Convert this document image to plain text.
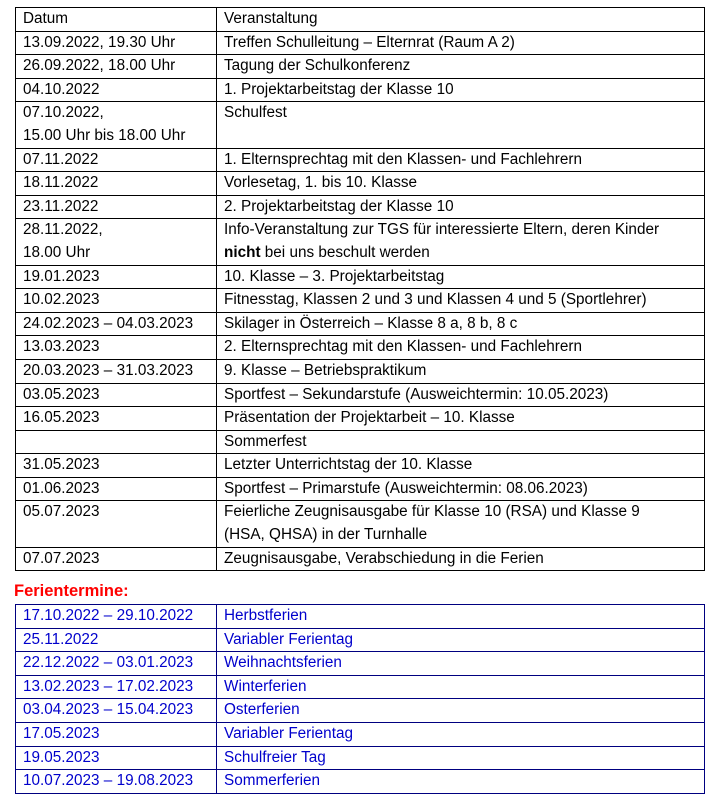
Datum	Veranstaltung
13.09.2022, 19.30 Uhr	Treffen Schulleitung – Elternrat (Raum A 2)
26.09.2022, 18.00 Uhr	Tagung der Schulkonferenz
04.10.2022	1. Projektarbeitstag der Klasse 10
07.10.2022,
15.00 Uhr bis 18.00 Uhr	Schulfest
07.11.2022	1. Elternsprechtag mit den Klassen- und Fachlehrern
18.11.2022	Vorlesetag, 1. bis 10. Klasse
23.11.2022	2. Projektarbeitstag der Klasse 10
28.11.2022,
18.00 Uhr	Info-Veranstaltung zur TGS für interessierte Eltern, deren Kinder
nicht bei uns beschult werden
19.01.2023	10. Klasse – 3. Projektarbeitstag
10.02.2023	Fitnesstag, Klassen 2 und 3 und Klassen 4 und 5 (Sportlehrer)
24.02.2023 – 04.03.2023	Skilager in Österreich – Klasse 8 a, 8 b, 8 c
13.03.2023	2. Elternsprechtag mit den Klassen- und Fachlehrern
20.03.2023 – 31.03.2023	9. Klasse – Betriebspraktikum
03.05.2023	Sportfest – Sekundarstufe (Ausweichtermin: 10.05.2023)
16.05.2023	Präsentation der Projektarbeit – 10. Klasse
	Sommerfest
31.05.2023	Letzter Unterrichtstag der 10. Klasse
01.06.2023	Sportfest – Primarstufe (Ausweichtermin: 08.06.2023)
05.07.2023	Feierliche Zeugnisausgabe für Klasse 10 (RSA) und Klasse 9
(HSA, QHSA) in der Turnhalle
07.07.2023	Zeugnisausgabe, Verabschiedung in die Ferien
Ferientermine:
17.10.2022 – 29.10.2022	Herbstferien
25.11.2022	Variabler Ferientag
22.12.2022 – 03.01.2023	Weihnachtsferien
13.02.2023 – 17.02.2023	Winterferien
03.04.2023 – 15.04.2023	Osterferien
17.05.2023	Variabler Ferientag
19.05.2023	Schulfreier Tag
10.07.2023 – 19.08.2023	Sommerferien
